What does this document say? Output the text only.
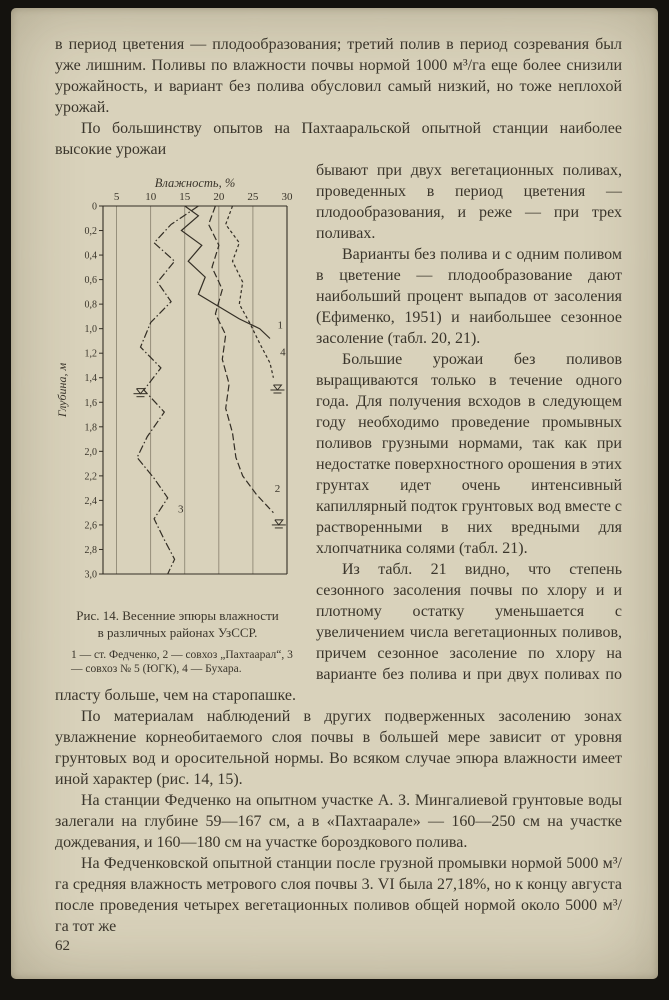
в период цветения — плодообразования; третий полив в период созревания был уже лишним. Поливы по влажности почвы нормой 1000 м³/га еще более снизили урожайность, и вариант без полива обусловил самый низкий, но тоже неплохой урожай.

По большинству опытов на Пахтааральской опытной станции наиболее высокие урожаи

5 10 15 20 25 30
0
0,2
0,4
0,6
0,8
1,0
1,2
1,4
1,6
1,8
2,0
2,2
2,4
2,6
2,8
3,0
Влажность, %
Глубина, м
1
4
2
3
Рис. 14. Весенние эпюры влажности в различных районах УзССР.
1 — ст. Федченко, 2 — совхоз „Пахтаарал“, 3 — совхоз № 5 (ЮГК), 4 — Бухара.

бывают при двух вегетационных поливах, проведенных в период цветения — плодообразования, и реже — при трех поливах.

Варианты без полива и с одним поливом в цветение — плодообразование дают наибольший процент выпадов от засоления (Ефименко, 1951) и наибольшее сезонное засоление (табл. 20, 21).

Большие урожаи без поливов выращиваются только в течение одного года. Для получения всходов в следующем году необходимо проведение промывных поливов грузными нормами, так как при недостатке поверхностного орошения в этих грунтах идет очень интенсивный капиллярный подток грунтовых вод вместе с растворенными в них вредными для хлопчатника солями (табл. 21).

Из табл. 21 видно, что степень сезонного засоления почвы по хлору и и плотному остатку уменьшается с увеличением числа вегетационных поливов, причем сезонное засоление по хлору на варианте без полива и при двух поливах по пласту больше, чем на старопашке.

По материалам наблюдений в других подверженных засолению зонах увлажнение корнеобитаемого слоя почвы в большей мере зависит от уровня грунтовых вод и оросительной нормы. Во всяком случае эпюра влажности имеет иной характер (рис. 14, 15).

На станции Федченко на опытном участке А. З. Мингалиевой грунтовые воды залегали на глубине 59—167 см, а в «Пахтаарале» — 160—250 см на участке дождевания, и 160—180 см на участке бороздкового полива.

На Федченковской опытной станции после грузной промывки нормой 5000 м³/га средняя влажность метрового слоя почвы 3. VI была 27,18%, но к концу августа после проведения четырех вегетационных поливов общей нормой около 5000 м³/га тот же

62
